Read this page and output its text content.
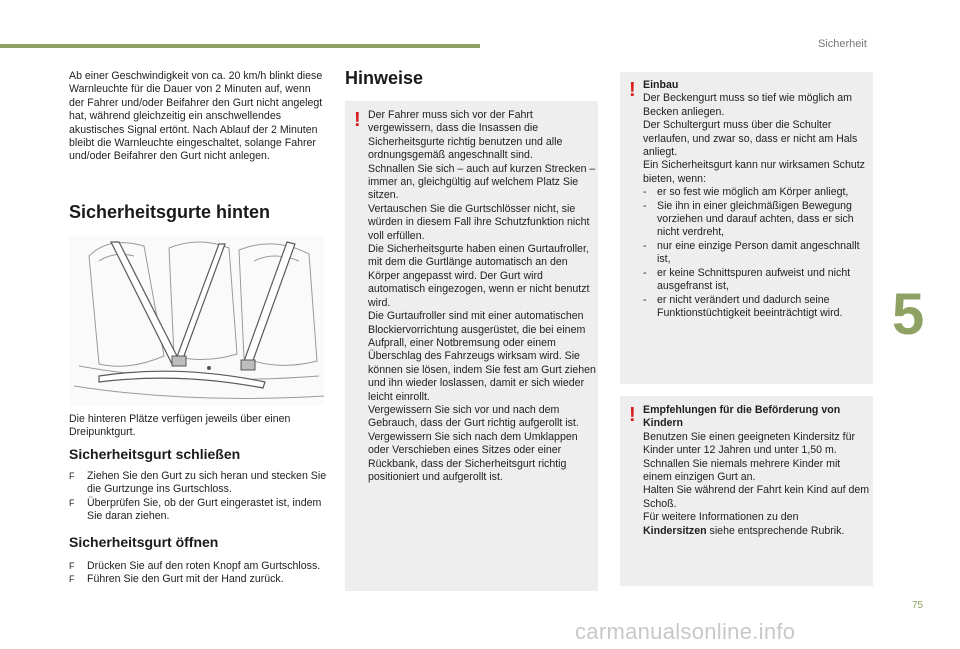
Sicherheit
5
75
Ab einer Geschwindigkeit von ca. 20 km/h blinkt diese Warnleuchte für die Dauer von 2 Minuten auf, wenn der Fahrer und/oder Beifahrer den Gurt nicht angelegt hat, während gleichzeitig ein anschwellendes akustisches Signal ertönt. Nach Ablauf der 2 Minuten bleibt die Warnleuchte eingeschaltet, solange Fahrer und/oder Beifahrer den Gurt nicht anlegen.
Sicherheitsgurte hinten
Die hinteren Plätze verfügen jeweils über einen Dreipunktgurt.
Sicherheitsgurt schließen
F Ziehen Sie den Gurt zu sich heran und stecken Sie die Gurtzunge ins Gurtschloss.
F Überprüfen Sie, ob der Gurt eingerastet ist, indem Sie daran ziehen.
Sicherheitsgurt öffnen
F Drücken Sie auf den roten Knopf am Gurtschloss.
F Führen Sie den Gurt mit der Hand zurück.
Hinweise
! Der Fahrer muss sich vor der Fahrt vergewissern, dass die Insassen die Sicherheitsgurte richtig benutzen und alle ordnungsgemäß angeschnallt sind.

Schnallen Sie sich – auch auf kurzen Strecken – immer an, gleichgültig auf welchem Platz Sie sitzen.

Vertauschen Sie die Gurtschlösser nicht, sie würden in diesem Fall ihre Schutzfunktion nicht voll erfüllen.

Die Sicherheitsgurte haben einen Gurtaufroller, mit dem die Gurtlänge automatisch an den Körper angepasst wird. Der Gurt wird automatisch eingezogen, wenn er nicht benutzt wird.

Die Gurtaufroller sind mit einer automatischen Blockiervorrichtung ausgerüstet, die bei einem Aufprall, einer Notbremsung oder einem Überschlag des Fahrzeugs wirksam wird. Sie können sie lösen, indem Sie fest am Gurt ziehen und ihn wieder loslassen, damit er sich wieder leicht einrollt.

Vergewissern Sie sich vor und nach dem Gebrauch, dass der Gurt richtig aufgerollt ist.

Vergewissern Sie sich nach dem Umklappen oder Verschieben eines Sitzes oder einer Rückbank, dass der Sicherheitsgurt richtig positioniert und aufgerollt ist.

! Einbau

Der Beckengurt muss so tief wie möglich am Becken anliegen.

Der Schultergurt muss über die Schulter verlaufen, und zwar so, dass er nicht am Hals anliegt.

Ein Sicherheitsgurt kann nur wirksamen Schutz bieten, wenn:

- er so fest wie möglich am Körper anliegt,
- Sie ihn in einer gleichmäßigen Bewegung vorziehen und darauf achten, dass er sich nicht verdreht,
- nur eine einzige Person damit angeschnallt ist,
- er keine Schnittspuren aufweist und nicht ausgefranst ist,
- er nicht verändert und dadurch seine Funktionstüchtigkeit beeinträchtigt wird.
! Empfehlungen für die Beförderung von Kindern

Benutzen Sie einen geeigneten Kindersitz für Kinder unter 12 Jahren und unter 1,50 m.

Schnallen Sie niemals mehrere Kinder mit einem einzigen Gurt an.

Halten Sie während der Fahrt kein Kind auf dem Schoß.

Für weitere Informationen zu den

Kindersitzen siehe entsprechende Rubrik.

carmanualsonline.info
